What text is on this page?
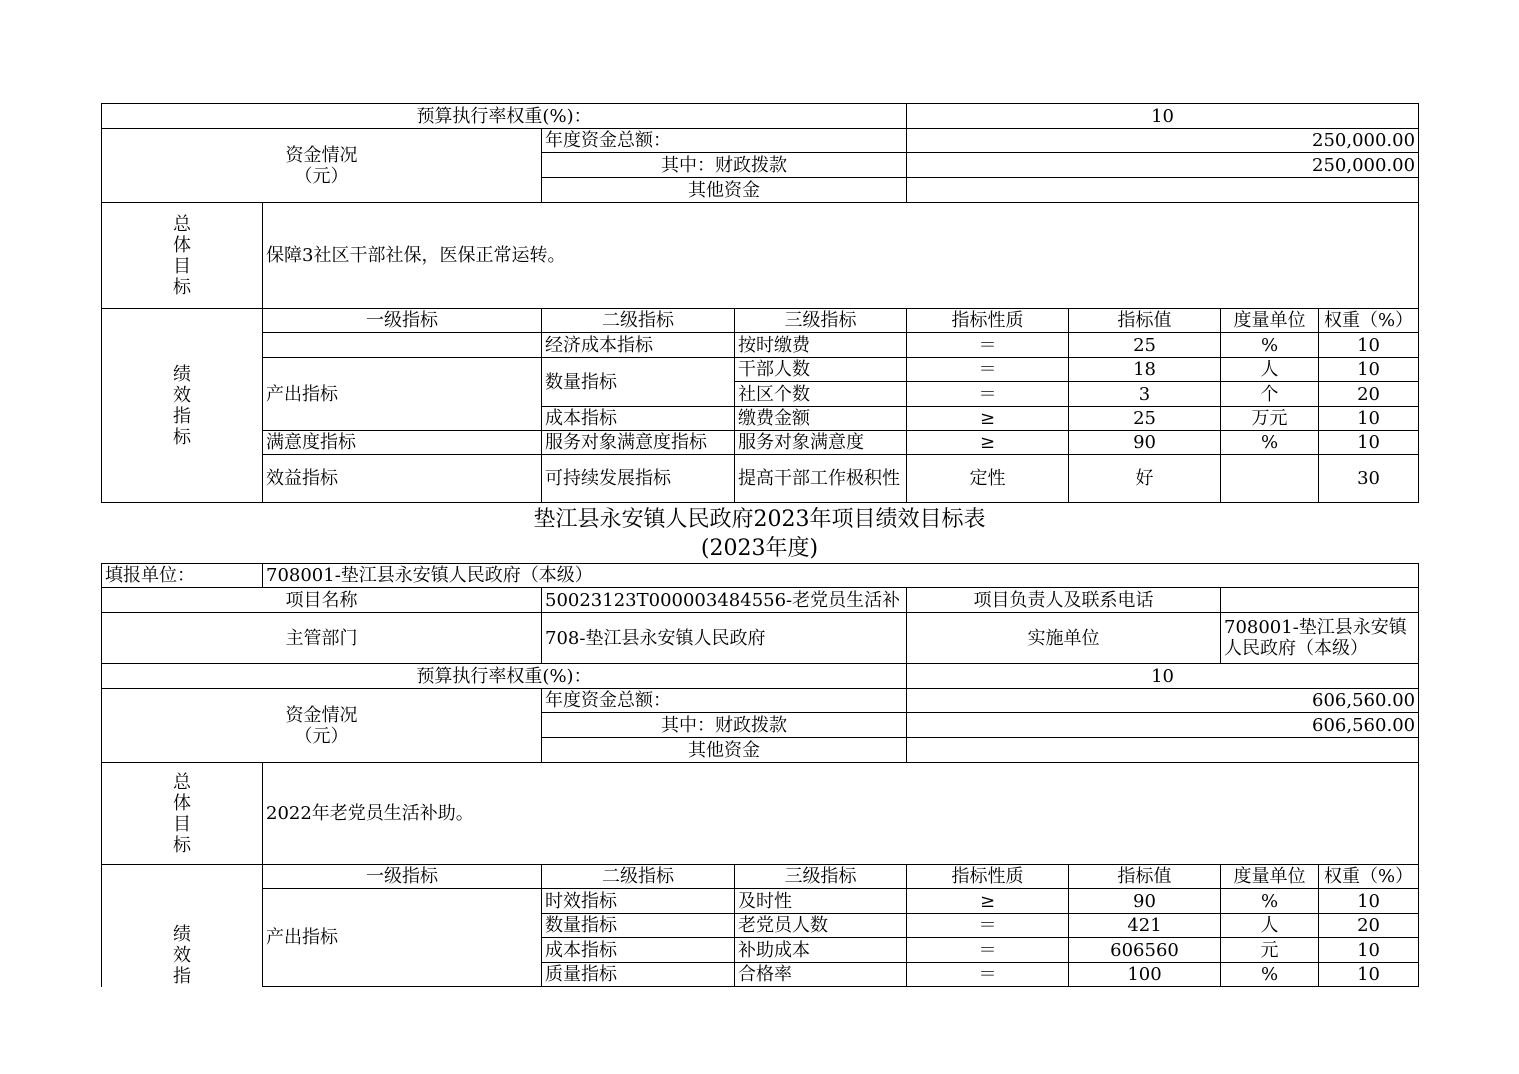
预算执行率权重(%)：				10			

资金情况
（元）		年度资金总额：		250,000.00			
		其中：财政拨款		250,000.00			
		其他资金					

总
体
目
标	保障3社区干部社保，医保正常运转。						

绩
效
指
标	一级指标	二级指标	三级指标	指标性质	指标值	度量单位	权重（%）
		经济成本指标	按时缴费	＝	25	%	10
	产出指标	数量指标	干部人数	＝	18	人	10
			社区个数	＝	3	个	20
		成本指标	缴费金额	≥	25	万元	10
	满意度指标	服务对象满意度指标	服务对象满意度	≥	90	%	10
	效益指标	可持续发展指标	提高干部工作极积性	定性	好		30
垫江县永安镇人民政府2023年项目绩效目标表
(2023年度)
填报单位：	708001-垫江县永安镇人民政府（本级）						
项目名称		50023123T000003484556-老党员生活补		项目负责人及联系电话			
主管部门		708-垫江县永安镇人民政府		实施单位		708001-垫江县永安镇人民政府（本级）	
预算执行率权重(%)：				10			

资金情况
（元）		年度资金总额：		606,560.00			
		其中：财政拨款		606,560.00			
		其他资金					

总
体
目
标	2022年老党员生活补助。						

绩
效
指	一级指标	二级指标	三级指标	指标性质	指标值	度量单位	权重（%）
	产出指标	时效指标	及时性	≥	90	%	10
		数量指标	老党员人数	＝	421	人	20
		成本指标	补助成本	＝	606560	元	10
		质量指标	合格率	＝	100	%	10
